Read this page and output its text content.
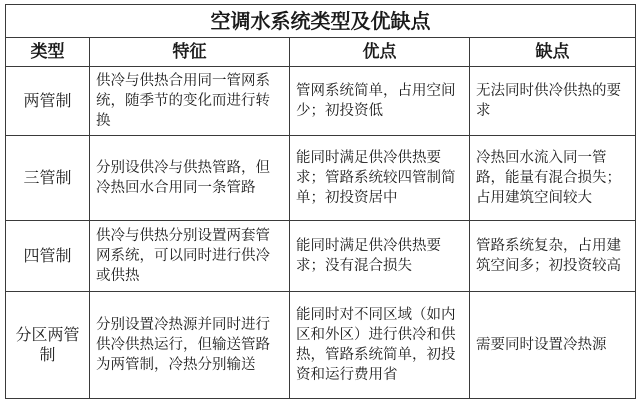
空调水系统类型及优缺点			
类型	特征	优点	缺点
两管制	供冷与供热合用同一管网系统，随季节的变化而进行转换	管网系统简单，占用空间少；初投资低	无法同时供冷供热的要求
三管制	分别设供冷与供热管路，但冷热回水合用同一条管路	能同时满足供冷供热要求；管路系统较四管制简单；初投资居中	冷热回水流入同一管路，能量有混合损失；占用建筑空间较大
四管制	供冷与供热分别设置两套管网系统，可以同时进行供冷或供热	能同时满足供冷供热要求；没有混合损失	管路系统复杂，占用建筑空间多；初投资较高
分区两管制	分别设置冷热源并同时进行供冷供热运行，但输送管路为两管制，冷热分别输送	能同时对不同区域（如内区和外区）进行供冷和供热，管路系统简单，初投资和运行费用省	需要同时设置冷热源
